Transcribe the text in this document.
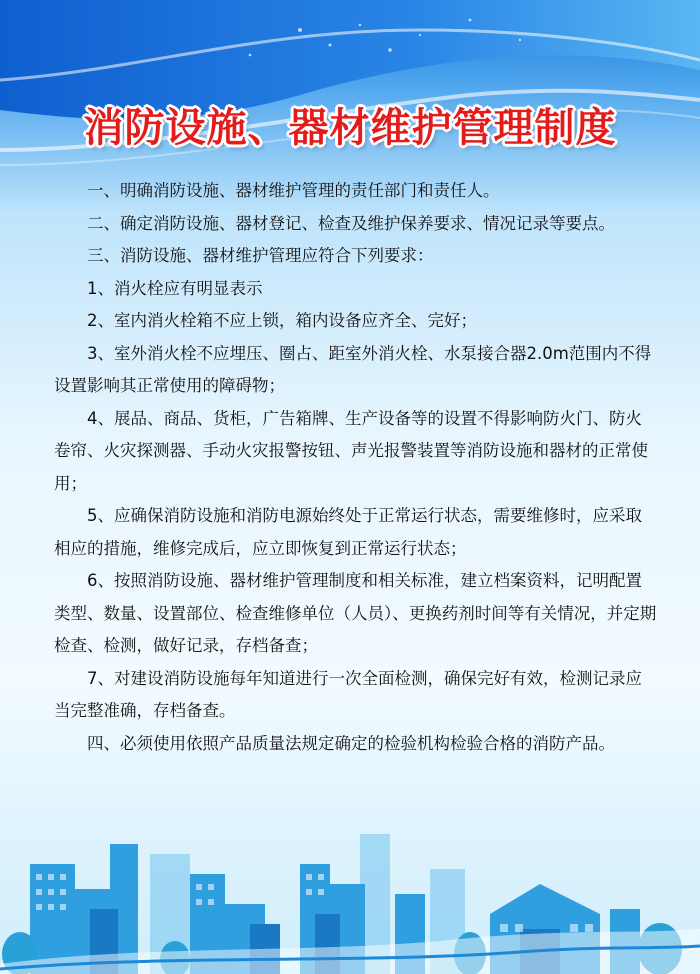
消防设施、器材维护管理制度

一、明确消防设施、器材维护管理的责任部门和责任人。

二、确定消防设施、器材登记、检查及维护保养要求、情况记录等要点。

三、消防设施、器材维护管理应符合下列要求：

1、消火栓应有明显表示

2、室内消火栓箱不应上锁，箱内设备应齐全、完好；

3、室外消火栓不应埋压、圈占、距室外消火栓、水泵接合器2.0m范围内不得设置影响其正常使用的障碍物；

4、展品、商品、货柜，广告箱牌、生产设备等的设置不得影响防火门、防火卷帘、火灾探测器、手动火灾报警按钮、声光报警装置等消防设施和器材的正常使用；

5、应确保消防设施和消防电源始终处于正常运行状态，需要维修时，应采取相应的措施，维修完成后，应立即恢复到正常运行状态；

6、按照消防设施、器材维护管理制度和相关标准，建立档案资料，记明配置类型、数量、设置部位、检查维修单位（人员）、更换药剂时间等有关情况，并定期检查、检测，做好记录，存档备查；

7、对建设消防设施每年知道进行一次全面检测，确保完好有效，检测记录应当完整准确，存档备查。

四、必须使用依照产品质量法规定确定的检验机构检验合格的消防产品。
